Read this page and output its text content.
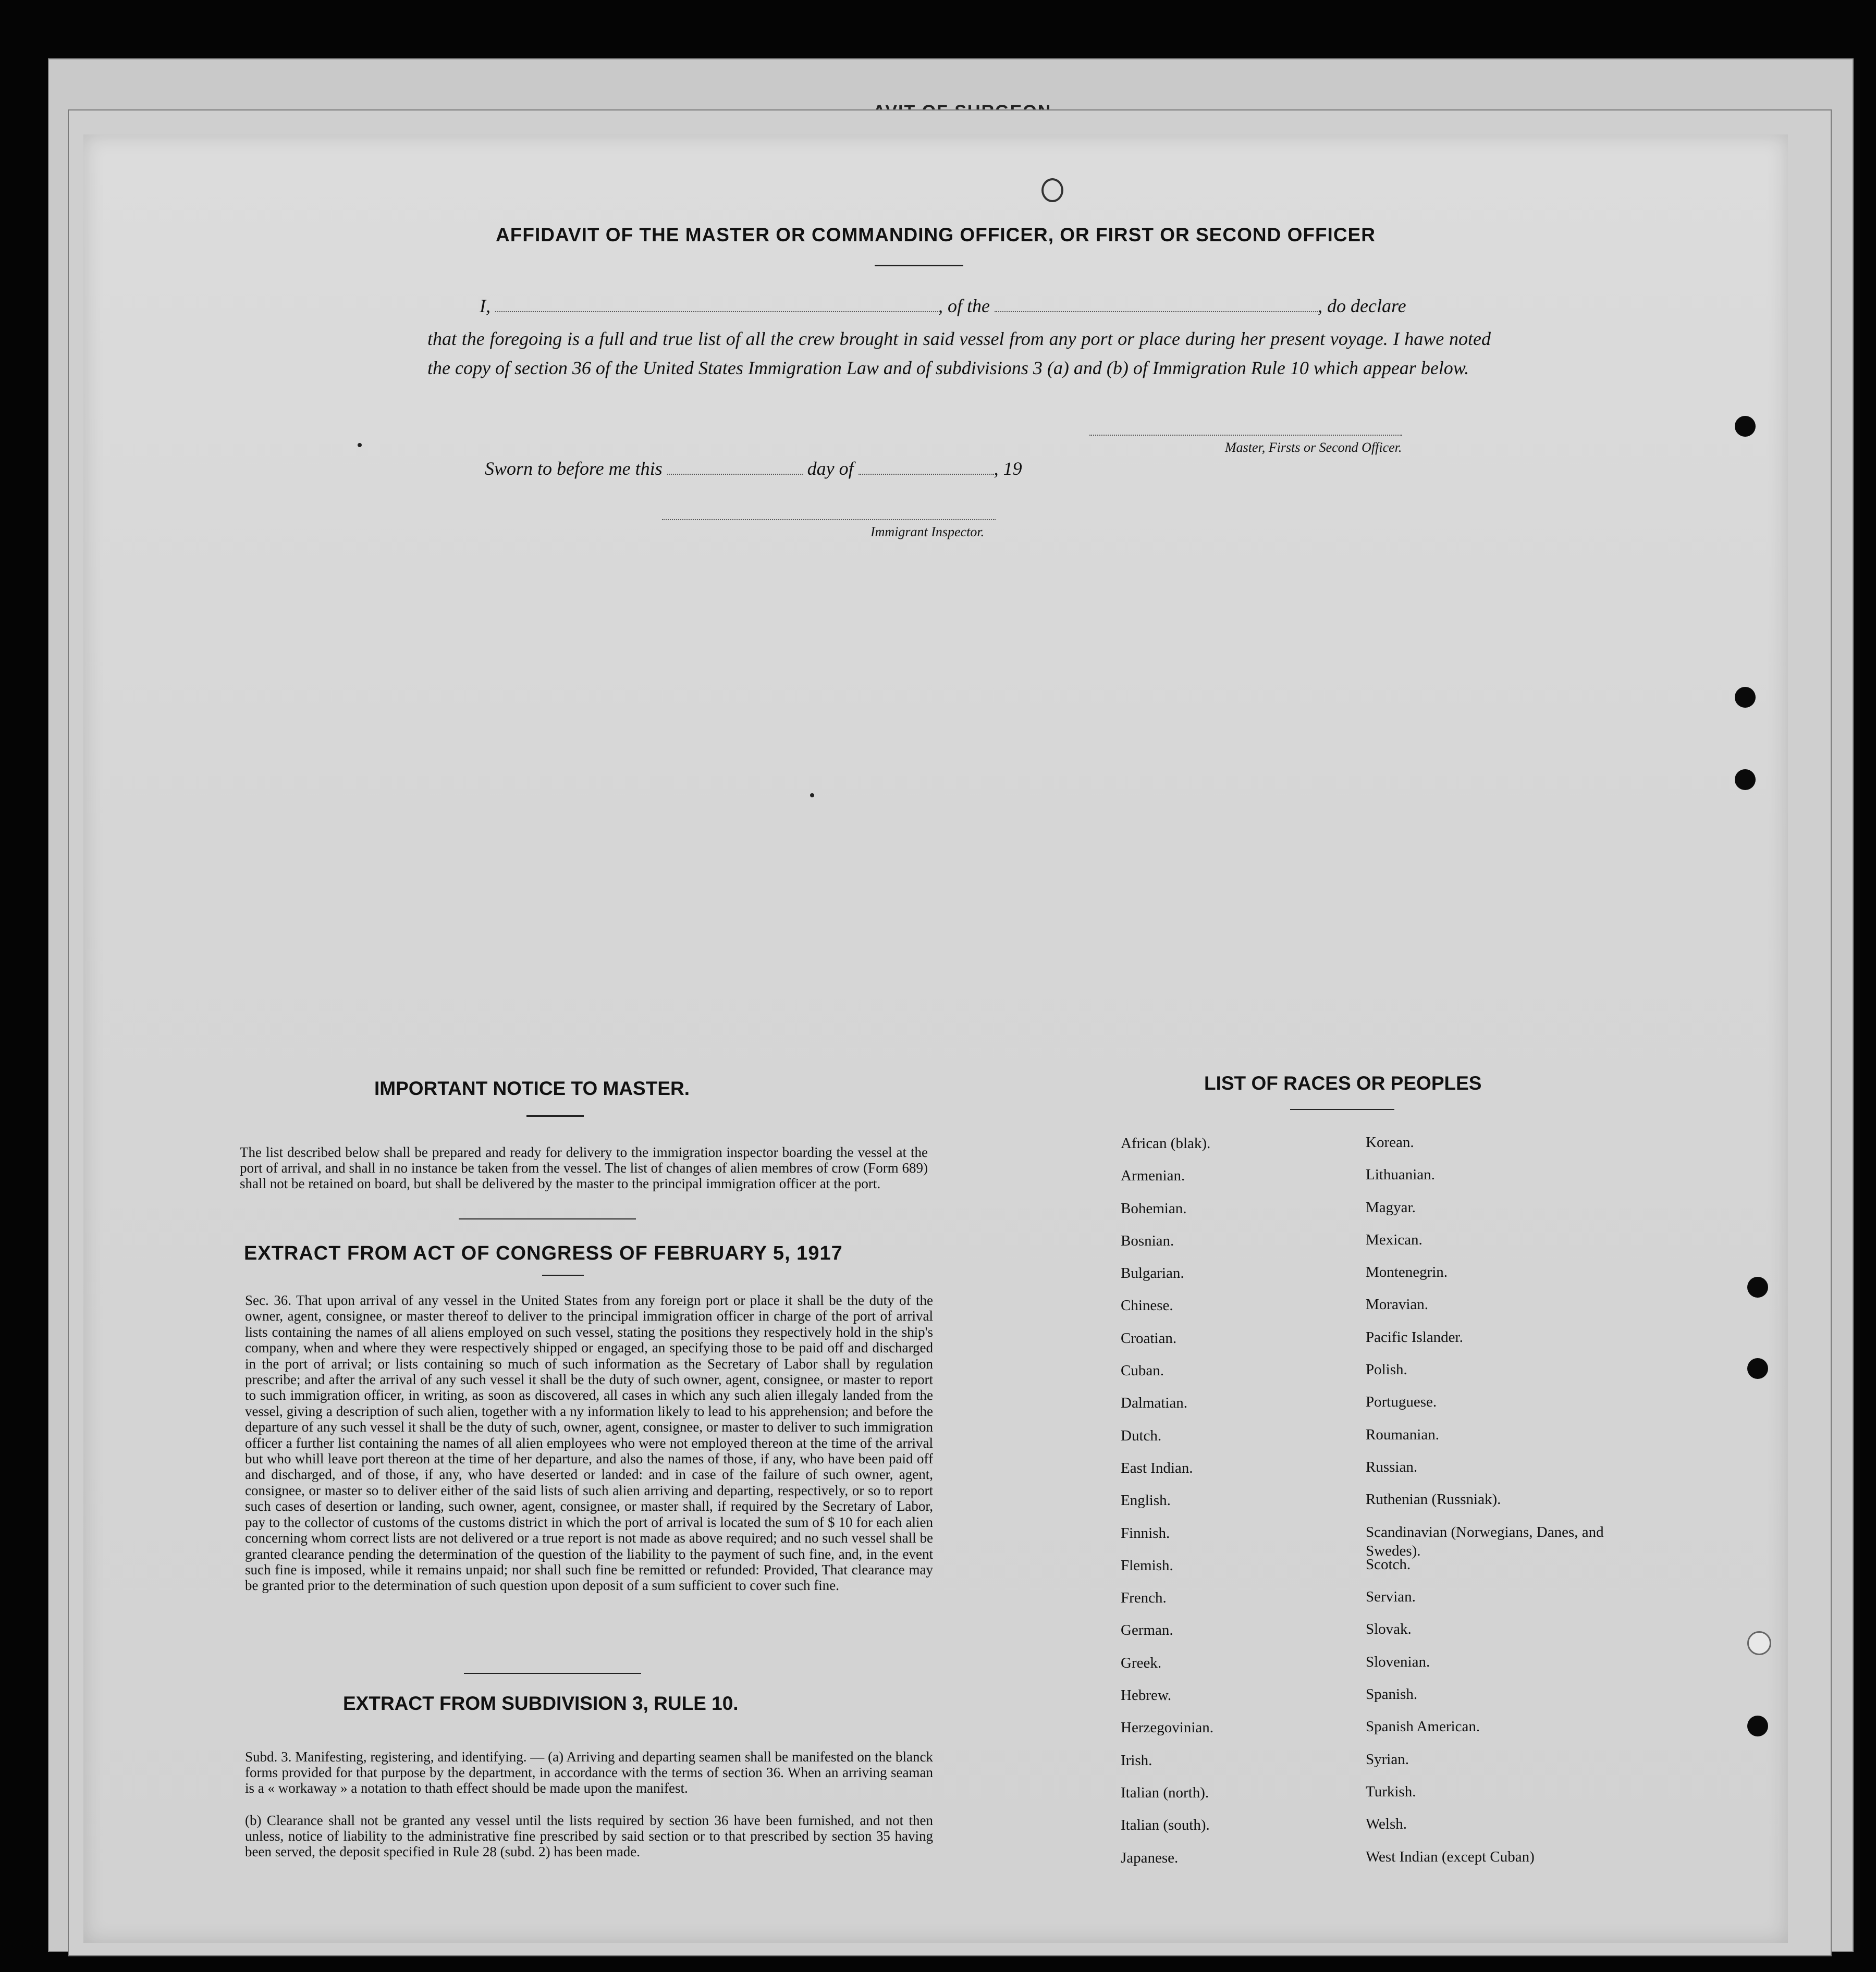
AFFIDAVIT OF THE MASTER OR COMMANDING OFFICER, OR FIRST OR SECOND OFFICER
I,	, of the	, do declare
that the foregoing is a full and true list of all the crew brought in said vessel from any port or place during her present voyage. I hawe noted the copy of section 36 of the United States Immigration Law and of subdivisions 3 (a) and (b) of Immigration Rule 10 which appear below.
Master, Firsts or Second Officer.
Sworn to before me this	day of	, 19
Immigrant Inspector.
IMPORTANT NOTICE TO MASTER.
The list described below shall be prepared and ready for delivery to the immigration inspector boarding the vessel at the port of arrival, and shall in no instance be taken from the vessel. The list of changes of alien membres of crow (Form 689) shall not be retained on board, but shall be delivered by the master to the principal immigration officer at the port.
EXTRACT FROM ACT OF CONGRESS OF FEBRUARY 5, 1917
Sec. 36. That upon arrival of any vessel in the United States from any foreign port or place it shall be the duty of the owner, agent, consignee, or master thereof to deliver to the principal immigration officer in charge of the port of arrival lists containing the names of all aliens employed on such vessel, stating the positions they respectively hold in the ship's company, when and where they were respectively shipped or engaged, an specifying those to be paid off and discharged in the port of arrival; or lists containing so much of such information as the Secretary of Labor shall by regulation prescribe; and after the arrival of any such vessel it shall be the duty of such owner, agent, consignee, or master to report to such immigration officer, in writing, as soon as discovered, all cases in which any such alien illegaly landed from the vessel, giving a description of such alien, together with a ny information likely to lead to his apprehension; and before the departure of any such vessel it shall be the duty of such, owner, agent, consignee, or master to deliver to such immigration officer a further list containing the names of all alien employees who were not employed thereon at the time of the arrival but who whill leave port thereon at the time of her departure, and also the names of those, if any, who have been paid off and discharged, and of those, if any, who have deserted or landed: and in case of the failure of such owner, agent, consignee, or master so to deliver either of the said lists of such alien arriving and departing, respectively, or so to report such cases of desertion or landing, such owner, agent, consignee, or master shall, if required by the Secretary of Labor, pay to the collector of customs of the customs district in which the port of arrival is located the sum of $ 10 for each alien concerning whom correct lists are not delivered or a true report is not made as above required; and no such vessel shall be granted clearance pending the determination of the question of the liability to the payment of such fine, and, in the event such fine is imposed, while it remains unpaid; nor shall such fine be remitted or refunded: Provided, That clearance may be granted prior to the determination of such question upon deposit of a sum sufficient to cover such fine.
EXTRACT FROM SUBDIVISION 3, RULE 10.
Subd. 3. Manifesting, registering, and identifying. — (a) Arriving and departing seamen shall be manifested on the blanck forms provided for that purpose by the department, in accordance with the terms of section 36. When an arriving seaman is a « workaway » a notation to thath effect should be made upon the manifest.
(b) Clearance shall not be granted any vessel until the lists required by section 36 have been furnished, and not then unless, notice of liability to the administrative fine prescribed by said section or to that prescribed by section 35 having been served, the deposit specified in Rule 28 (subd. 2) has been made.
LIST OF RACES OR PEOPLES
African (blak).
Armenian.
Bohemian.
Bosnian.
Bulgarian.
Chinese.
Croatian.
Cuban.
Dalmatian.
Dutch.
East Indian.
English.
Finnish.
Flemish.
French.
German.
Greek.
Hebrew.
Herzegovinian.
Irish.
Italian (north).
Italian (south).
Japanese.
Korean.
Lithuanian.
Magyar.
Mexican.
Montenegrin.
Moravian.
Pacific Islander.
Polish.
Portuguese.
Roumanian.
Russian.
Ruthenian (Russniak).
Scandinavian (Norwegians, Danes, and Swedes).
Scotch.
Servian.
Slovak.
Slovenian.
Spanish.
Spanish American.
Syrian.
Turkish.
Welsh.
West Indian (except Cuban)
